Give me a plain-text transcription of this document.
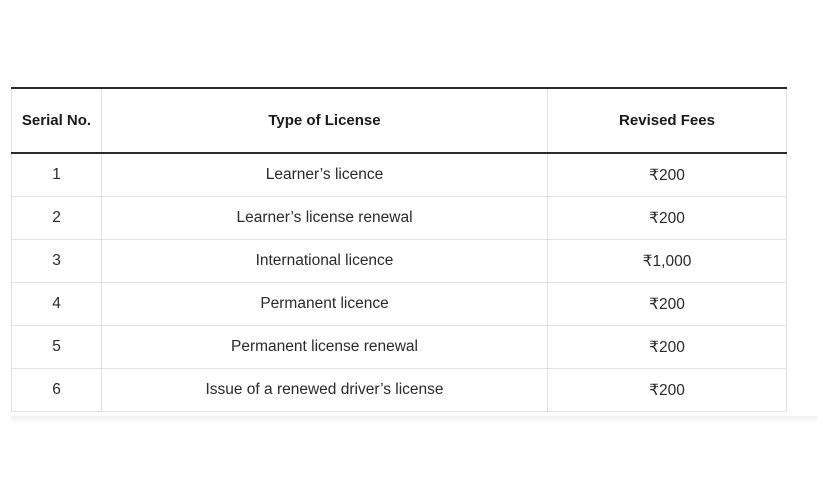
Serial No.	Type of License	Revised Fees
1	Learner’s licence	₹200
2	Learner’s license renewal	₹200
3	International licence	₹1,000
4	Permanent licence	₹200
5	Permanent license renewal	₹200
6	Issue of a renewed driver’s license	₹200
